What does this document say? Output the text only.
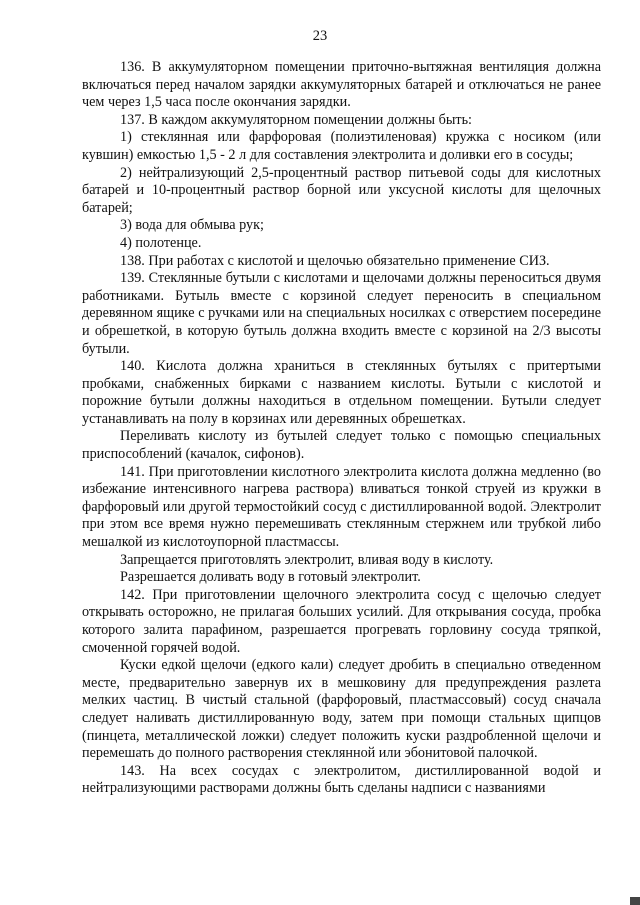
23

136. В аккумуляторном помещении приточно-вытяжная вентиляция должна включаться перед началом зарядки аккумуляторных батарей и отключаться не ранее чем через 1,5 часа после окончания зарядки.

137. В каждом аккумуляторном помещении должны быть:

1) стеклянная или фарфоровая (полиэтиленовая) кружка с носиком (или кувшин) емкостью 1,5 - 2 л для составления электролита и доливки его в сосуды;

2) нейтрализующий 2,5-процентный раствор питьевой соды для кислотных батарей и 10-процентный раствор борной или уксусной кислоты для щелочных батарей;

3) вода для обмыва рук;

4) полотенце.

138. При работах с кислотой и щелочью обязательно применение СИЗ.

139. Стеклянные бутыли с кислотами и щелочами должны переноситься двумя работниками. Бутыль вместе с корзиной следует переносить в специальном деревянном ящике с ручками или на специальных носилках с отверстием посередине и обрешеткой, в которую бутыль должна входить вместе с корзиной на 2/3 высоты бутыли.

140. Кислота должна храниться в стеклянных бутылях с притертыми пробками, снабженных бирками с названием кислоты. Бутыли с кислотой и порожние бутыли должны находиться в отдельном помещении. Бутыли следует устанавливать на полу в корзинах или деревянных обрешетках.

Переливать кислоту из бутылей следует только с помощью специальных приспособлений (качалок, сифонов).

141. При приготовлении кислотного электролита кислота должна медленно (во избежание интенсивного нагрева раствора) вливаться тонкой струей из кружки в фарфоровый или другой термостойкий сосуд с дистиллированной водой. Электролит при этом все время нужно перемешивать стеклянным стержнем или трубкой либо мешалкой из кислотоупорной пластмассы.

Запрещается приготовлять электролит, вливая воду в кислоту.

Разрешается доливать воду в готовый электролит.

142. При приготовлении щелочного электролита сосуд с щелочью следует открывать осторожно, не прилагая больших усилий. Для открывания сосуда, пробка которого залита парафином, разрешается прогревать горловину сосуда тряпкой, смоченной горячей водой.

Куски едкой щелочи (едкого кали) следует дробить в специально отведенном месте, предварительно завернув их в мешковину для предупреждения разлета мелких частиц. В чистый стальной (фарфоровый, пластмассовый) сосуд сначала следует наливать дистиллированную воду, затем при помощи стальных щипцов (пинцета, металлической ложки) следует положить куски раздробленной щелочи и перемешать до полного растворения стеклянной или эбонитовой палочкой.

143. На всех сосудах с электролитом, дистиллированной водой и нейтрализующими растворами должны быть сделаны надписи с названиями
